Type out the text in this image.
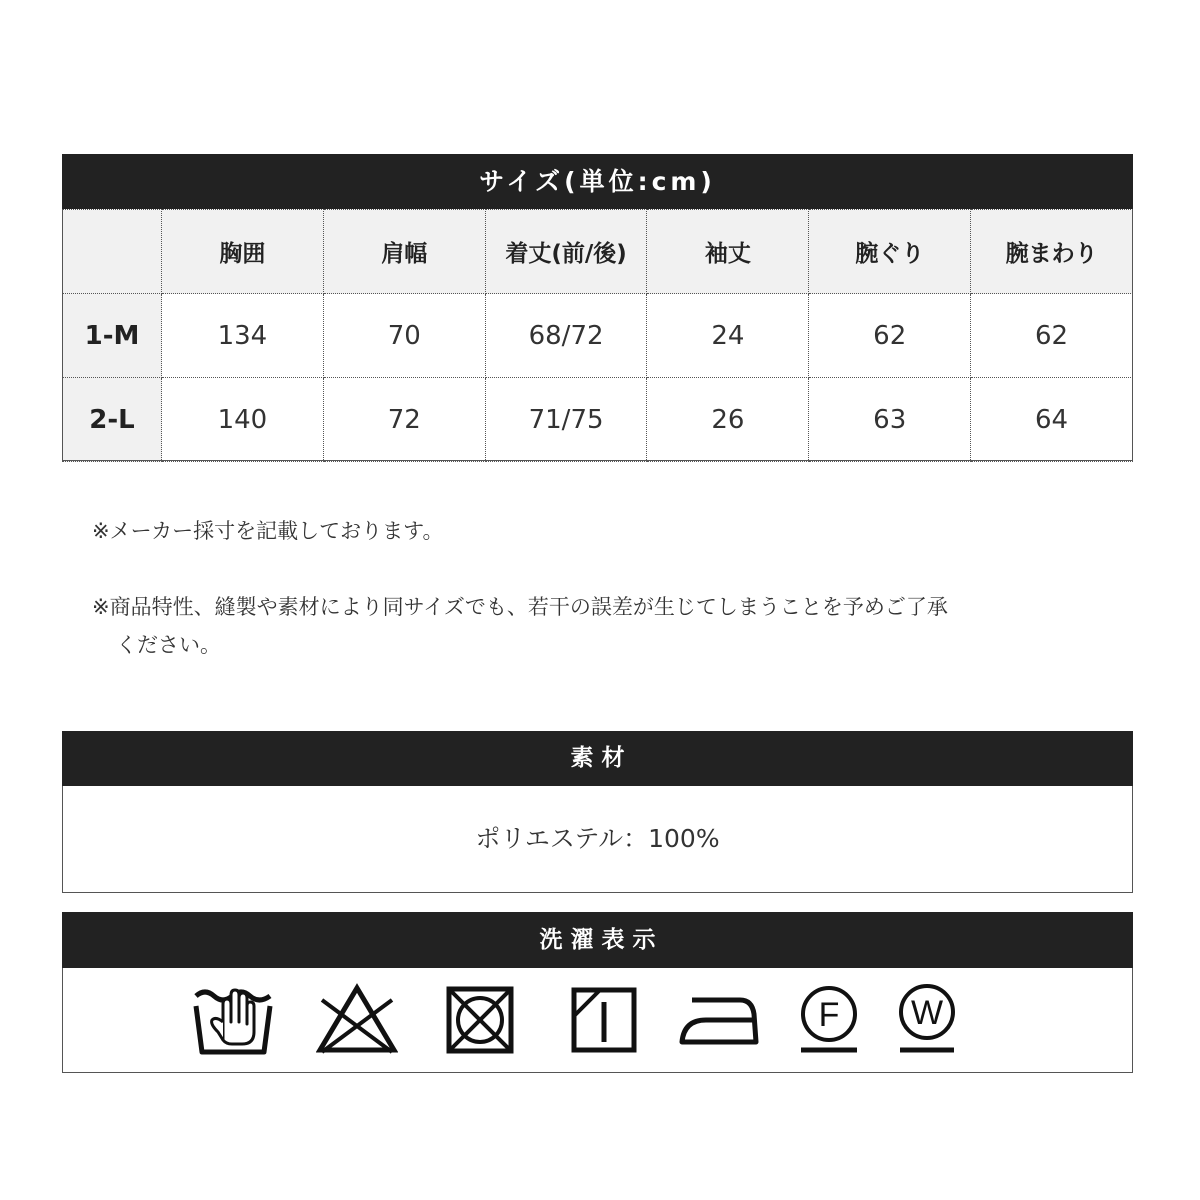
サイズ(単位:cm)
	胸囲	肩幅	着丈(前/後)	袖丈	腕ぐり	腕まわり
1-M	134	70	68/72	24	62	62
2-L	140	72	71/75	26	63	64
※メーカー採寸を記載しております。
※商品特性、縫製や素材により同サイズでも、若干の誤差が生じてしまうことを予めご了承
ください。
素 材
ポリエステル：100%
洗 濯 表 示
F W
